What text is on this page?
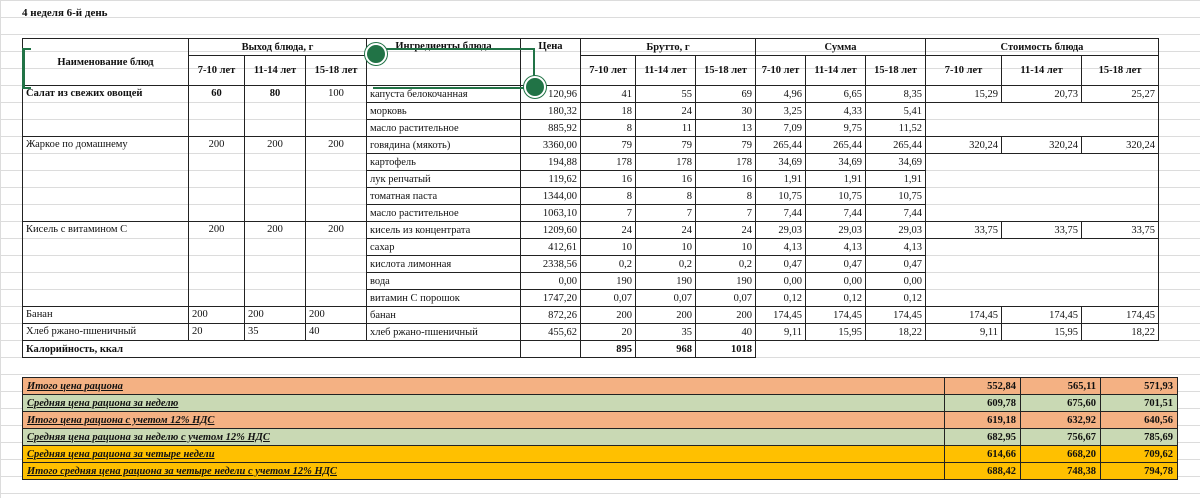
4 неделя 6-й день
Наименование блюд	Выход блюда, г			Ингредиенты блюда	Цена	Брутто, г			Сумма			Стоимость блюда		
	7-10 лет	11-14 лет	15-18 лет			7-10 лет	11-14 лет	15-18 лет	7-10 лет	11-14 лет	15-18 лет	7-10 лет	11-14 лет	15-18 лет
Салат из свежих овощей	60	80	100	капуста белокочанная	120,96	41	55	69	4,96	6,65	8,35	15,29	20,73	25,27
				морковь	180,32	18	24	30	3,25	4,33	5,41			
				масло растительное	885,92	8	11	13	7,09	9,75	11,52			
Жаркое по домашнему	200	200	200	говядина (мякоть)	3360,00	79	79	79	265,44	265,44	265,44	320,24	320,24	320,24
				картофель	194,88	178	178	178	34,69	34,69	34,69			
				лук репчатый	119,62	16	16	16	1,91	1,91	1,91			
				томатная паста	1344,00	8	8	8	10,75	10,75	10,75			
				масло растительное	1063,10	7	7	7	7,44	7,44	7,44			
Кисель с витамином С	200	200	200	кисель из концентрата	1209,60	24	24	24	29,03	29,03	29,03	33,75	33,75	33,75
				сахар	412,61	10	10	10	4,13	4,13	4,13			
				кислота лимонная	2338,56	0,2	0,2	0,2	0,47	0,47	0,47			
				вода	0,00	190	190	190	0,00	0,00	0,00			
				витамин С порошок	1747,20	0,07	0,07	0,07	0,12	0,12	0,12			
Банан	200	200	200	банан	872,26	200	200	200	174,45	174,45	174,45	174,45	174,45	174,45
Хлеб ржано-пшеничный	20	35	40	хлеб ржано-пшеничный	455,62	20	35	40	9,11	15,95	18,22	9,11	15,95	18,22
Калорийность, ккал						895	968	1018						
Итого цена рациона	552,84	565,11	571,93
Средняя цена рациона за неделю	609,78	675,60	701,51
Итого цена рациона с учетом 12% НДС	619,18	632,92	640,56
Средняя цена рациона за неделю с учетом 12% НДС	682,95	756,67	785,69
Средняя цена рациона за четыре недели	614,66	668,20	709,62
Итого средняя цена рациона за четыре недели с учетом 12% НДС	688,42	748,38	794,78
